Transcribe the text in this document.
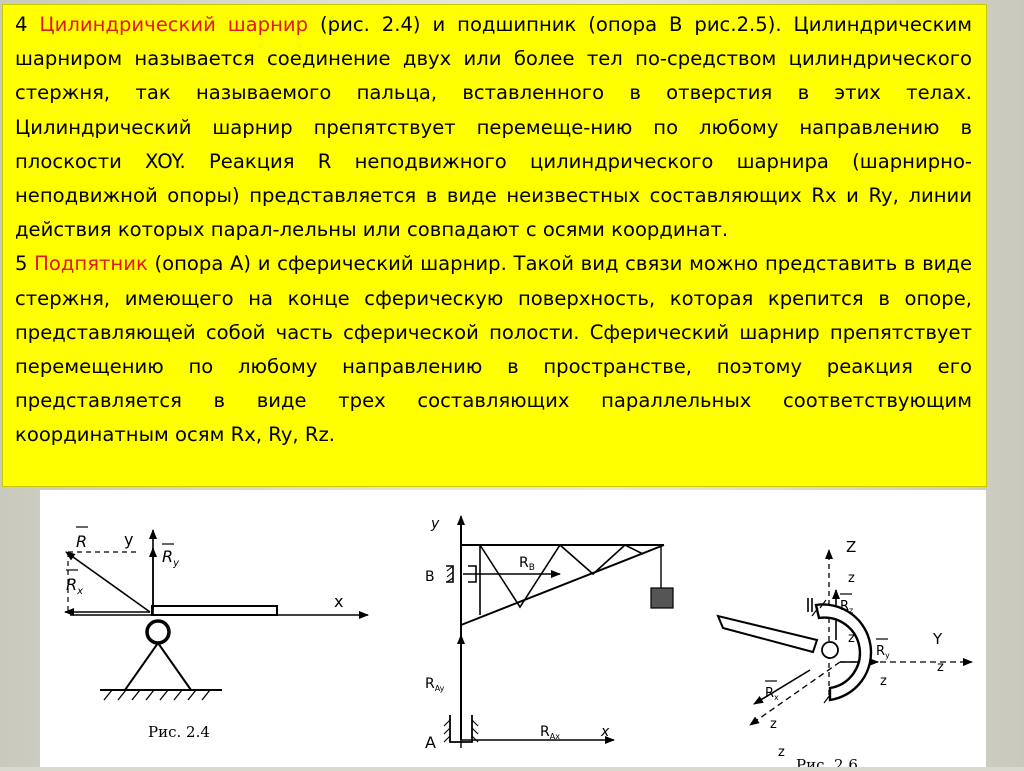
4 Цилиндрический шарнир (рис. 2.4) и подшипник (опора В рис.2.5). Цилиндрическим шарниром называется соединение двух или более тел по-средством цилиндрического стержня, так называемого пальца, вставленного в отверстия в этих телах. Цилиндрический шарнир препятствует перемеще-нию по любому направлению в плоскости XOY. Реакция R неподвижного цилиндрического шарнира (шарнирно-неподвижной опоры) представляется в виде неизвестных составляющих Rx и Ry, линии действия которых парал-лельны или совпадают с осями координат.

5 Подпятник (опора А) и сферический шарнир. Такой вид связи можно представить в виде стержня, имеющего на конце сферическую поверхность, которая крепится в опоре, представляющей собой часть сферической полости. Сферический шарнир препятствует перемещению по любому направлению в пространстве, поэтому реакция его представляется в виде трех составляющих параллельных соответствующим координатным осям Rx, Ry, Rz.

R y
$R_y$
$R_x$
x
Рис. 2.4
y
B
$R_B$
$R_{Ay}$
$R_{Ax}$	x
A
Z
z
$R_z$
z
$R_y$
Y
z
z
$R_x$
z
z
Рис. 2.6
